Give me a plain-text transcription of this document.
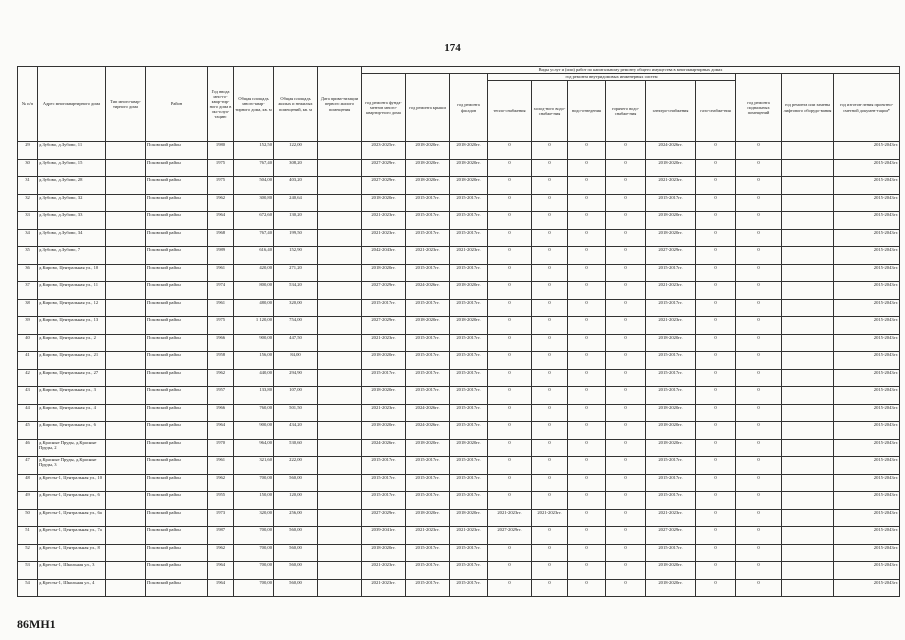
174
№ п/п	Адрес многоквартирного дома	Тип много-квар-тирного дома	Район	Год ввода мно-го-квар-тир-ного дома в экс-плуа-тацию	Общая площадь много-квар-тирного дома, кв. м	Общая площадь жилых и нежилых помещений, кв. м	Дата прива-тизации первого жилого помещения	Виды услуг и (или) работ по капитальному ремонту общего имущества в многоквартирных домах											
								год ремонта фунда-ментов много-квартир-ного дома	год ремонта крыши	год ремонта фасадов	год ремонта внутридомовых инженерных систем						год ремонта подвальных помещений	год ремонта или замены лифтового оборудо-вания	год изготов-ления проектно-сметной докумен-тации*
											тепло-снабжения	холод-ного водо-снабже-ния	водо-отведения	горячего водо-снабже-ния	электро-снабжения	газо-снабже-ния			
29	д.Зубово, д.Зубово, 11		Псковский район	1980	152,50	122,00		2023-2025гг.	2018-2020гг.	2018-2020гг.	0	0	0	0	2024-2026гг.	0	0		2015-2043гг.
30	д.Зубово, д.Зубово, 15		Псковский район	1975	767,40	308,20		2027-2029гг.	2018-2020гг.	2018-2020гг.	0	0	0	0	2018-2020гг.	0	0		2015-2043гг.
31	д.Зубово, д.Зубово, 28		Псковский район	1975	504,00	403,20		2027-2029гг.	2018-2020гг.	2018-2020гг.	0	0	0	0	2021-2023гг.	0	0		2015-2043гг.
32	д.Зубово, д.Зубово, 32		Псковский район	1962	300,80	240,64		2018-2020гг.	2015-2017гг.	2015-2017гг.	0	0	0	0	2015-2017гг.	0	0		2015-2043гг.
33	д.Зубово, д.Зубово, 33		Псковский район	1964	672,60	130,20		2021-2023гг.	2015-2017гг.	2015-2017гг.	0	0	0	0	2018-2020гг.	0	0		2015-2043гг.
34	д.Зубово, д.Зубово, 34		Псковский район	1968	767,40	199,50		2021-2023гг.	2015-2017гг.	2015-2017гг.	0	0	0	0	2018-2020гг.	0	0		2015-2043гг.
35	д.Зубово, д.Зубово, 7		Псковский район	1989	616,40	152,90		2042-2043гг.	2021-2023гг.	2021-2023гг.	0	0	0	0	2027-2029гг.	0	0		2015-2043гг.
36	д.Кирово, Центральная ул., 10		Псковский район	1961	420,00	271,20		2018-2020гг.	2015-2017гг.	2015-2017гг.	0	0	0	0	2015-2017гг.	0	0		2015-2043гг.
37	д.Кирово, Центральная ул., 11		Псковский район	1974	800,00	534,20		2027-2029гг.	2024-2026гг.	2018-2020гг.	0	0	0	0	2021-2023гг.	0	0		2015-2043гг.
38	д.Кирово, Центральная ул., 12		Псковский район	1961	480,00	320,00		2015-2017гг.	2015-2017гг.	2015-2017гг.	0	0	0	0	2015-2017гг.	0	0		2015-2043гг.
39	д.Кирово, Центральная ул., 13		Псковский район	1975	1 120,00	754,00		2027-2029гг.	2018-2020гг.	2018-2020гг.	0	0	0	0	2021-2023гг.	0	0		2015-2043гг.
40	д.Кирово, Центральная ул., 2		Псковский район	1966	900,00	447,50		2021-2023гг.	2015-2017гг.	2015-2017гг.	0	0	0	0	2018-2020гг.	0	0		2015-2043гг.
41	д.Кирово, Центральная ул., 21		Псковский район	1958	156,00	84,00		2018-2020гг.	2015-2017гг.	2015-2017гг.	0	0	0	0	2015-2017гг.	0	0		2015-2043гг.
42	д.Кирово, Центральная ул., 27		Псковский район	1962	440,00	294,90		2015-2017гг.	2015-2017гг.	2015-2017гг.	0	0	0	0	2015-2017гг.	0	0		2015-2043гг.
43	д.Кирово, Центральная ул., 3		Псковский район	1957	133,80	107,00		2018-2020гг.	2015-2017гг.	2015-2017гг.	0	0	0	0	2015-2017гг.	0	0		2015-2043гг.
44	д.Кирово, Центральная ул., 4		Псковский район	1966	760,00	501,50		2021-2023гг.	2024-2026гг.	2015-2017гг.	0	0	0	0	2018-2020гг.	0	0		2015-2043гг.
45	д.Кирово, Центральная ул., 6		Псковский район	1964	900,00	434,20		2018-2020гг.	2024-2026гг.	2015-2017гг.	0	0	0	0	2018-2020гг.	0	0		2015-2043гг.
46	д.Красные Пруды, д.Красные Пруды, 2		Псковский район	1970	964,00	530,60		2024-2026гг.	2018-2020гг.	2018-2020гг.	0	0	0	0	2018-2020гг.	0	0		2015-2043гг.
47	д.Красные Пруды, д.Красные Пруды, 3		Псковский район	1961	321,60	222,00		2015-2017гг.	2015-2017гг.	2015-2017гг.	0	0	0	0	2015-2017гг.	0	0		2015-2043гг.
48	д.Кресты-1, Центральная ул., 10		Псковский район	1962	700,00	560,00		2015-2017гг.	2015-2017гг.	2015-2017гг.	0	0	0	0	2015-2017гг.	0	0		2015-2043гг.
49	д.Кресты-1, Центральная ул., 6		Псковский район	1955	150,00	120,00		2015-2017гг.	2015-2017гг.	2015-2017гг.	0	0	0	0	2015-2017гг.	0	0		2015-2043гг.
50	д.Кресты-1, Центральная ул., 6а		Псковский район	1973	320,00	256,00		2027-2029гг.	2018-2020гг.	2018-2020гг.	2021-2023гг.	2021-2023гг.	0	0	2021-2023гг.	0	0		2015-2043гг.
51	д.Кресты-1, Центральная ул., 7а		Псковский район	1987	700,00	560,00		2039-2041гг.	2021-2023гг.	2021-2023гг.	2027-2029гг.	0	0	0	2027-2029гг.	0	0		2015-2043гг.
52	д.Кресты-1, Центральная ул., 8		Псковский район	1962	700,00	560,00		2018-2020гг.	2015-2017гг.	2015-2017гг.	0	0	0	0	2015-2017гг.	0	0		2015-2043гг.
53	д.Кресты-1, Школьная ул., 3		Псковский район	1964	700,00	560,00		2021-2023гг.	2015-2017гг.	2015-2017гг.	0	0	0	0	2018-2020гг.	0	0		2015-2043гг.
54	д.Кресты-1, Школьная ул., 4		Псковский район	1964	700,00	560,00		2021-2023гг.	2015-2017гг.	2015-2017гг.	0	0	0	0	2018-2020гг.	0	0		2015-2043гг.
86МН1
